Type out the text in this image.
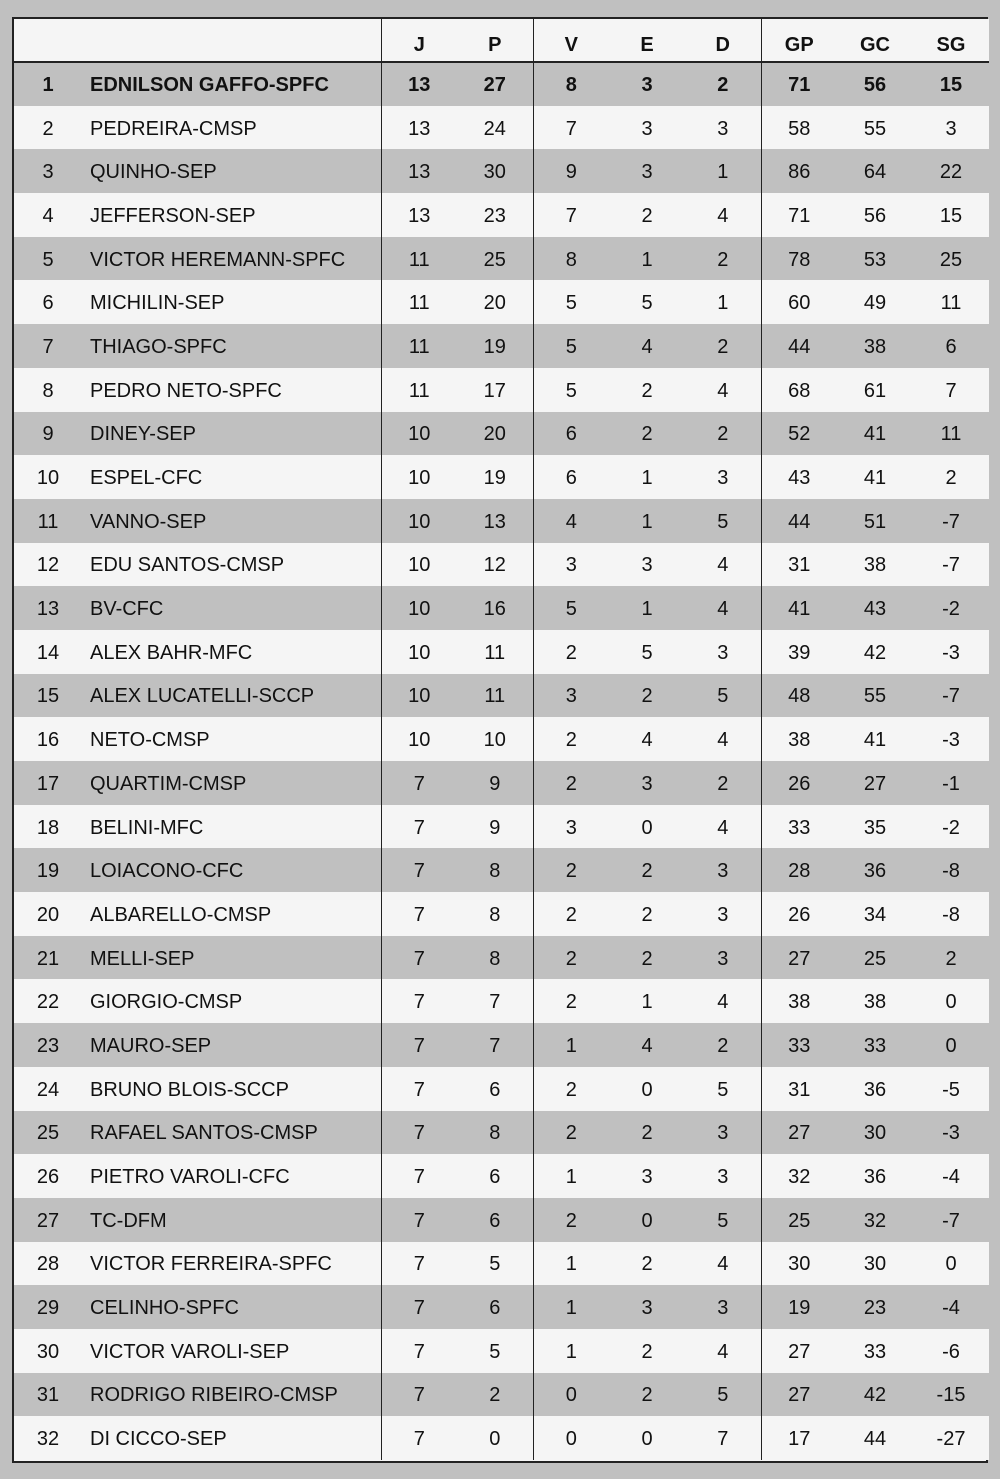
		J	P	V	E	D	GP	GC	SG
1	EDNILSON GAFFO-SPFC	13	27	8	3	2	71	56	15
2	PEDREIRA-CMSP	13	24	7	3	3	58	55	3
3	QUINHO-SEP	13	30	9	3	1	86	64	22
4	JEFFERSON-SEP	13	23	7	2	4	71	56	15
5	VICTOR HEREMANN-SPFC	11	25	8	1	2	78	53	25
6	MICHILIN-SEP	11	20	5	5	1	60	49	11
7	THIAGO-SPFC	11	19	5	4	2	44	38	6
8	PEDRO NETO-SPFC	11	17	5	2	4	68	61	7
9	DINEY-SEP	10	20	6	2	2	52	41	11
10	ESPEL-CFC	10	19	6	1	3	43	41	2
11	VANNO-SEP	10	13	4	1	5	44	51	-7
12	EDU SANTOS-CMSP	10	12	3	3	4	31	38	-7
13	BV-CFC	10	16	5	1	4	41	43	-2
14	ALEX BAHR-MFC	10	11	2	5	3	39	42	-3
15	ALEX LUCATELLI-SCCP	10	11	3	2	5	48	55	-7
16	NETO-CMSP	10	10	2	4	4	38	41	-3
17	QUARTIM-CMSP	7	9	2	3	2	26	27	-1
18	BELINI-MFC	7	9	3	0	4	33	35	-2
19	LOIACONO-CFC	7	8	2	2	3	28	36	-8
20	ALBARELLO-CMSP	7	8	2	2	3	26	34	-8
21	MELLI-SEP	7	8	2	2	3	27	25	2
22	GIORGIO-CMSP	7	7	2	1	4	38	38	0
23	MAURO-SEP	7	7	1	4	2	33	33	0
24	BRUNO BLOIS-SCCP	7	6	2	0	5	31	36	-5
25	RAFAEL SANTOS-CMSP	7	8	2	2	3	27	30	-3
26	PIETRO VAROLI-CFC	7	6	1	3	3	32	36	-4
27	TC-DFM	7	6	2	0	5	25	32	-7
28	VICTOR FERREIRA-SPFC	7	5	1	2	4	30	30	0
29	CELINHO-SPFC	7	6	1	3	3	19	23	-4
30	VICTOR VAROLI-SEP	7	5	1	2	4	27	33	-6
31	RODRIGO RIBEIRO-CMSP	7	2	0	2	5	27	42	-15
32	DI CICCO-SEP	7	0	0	0	7	17	44	-27
